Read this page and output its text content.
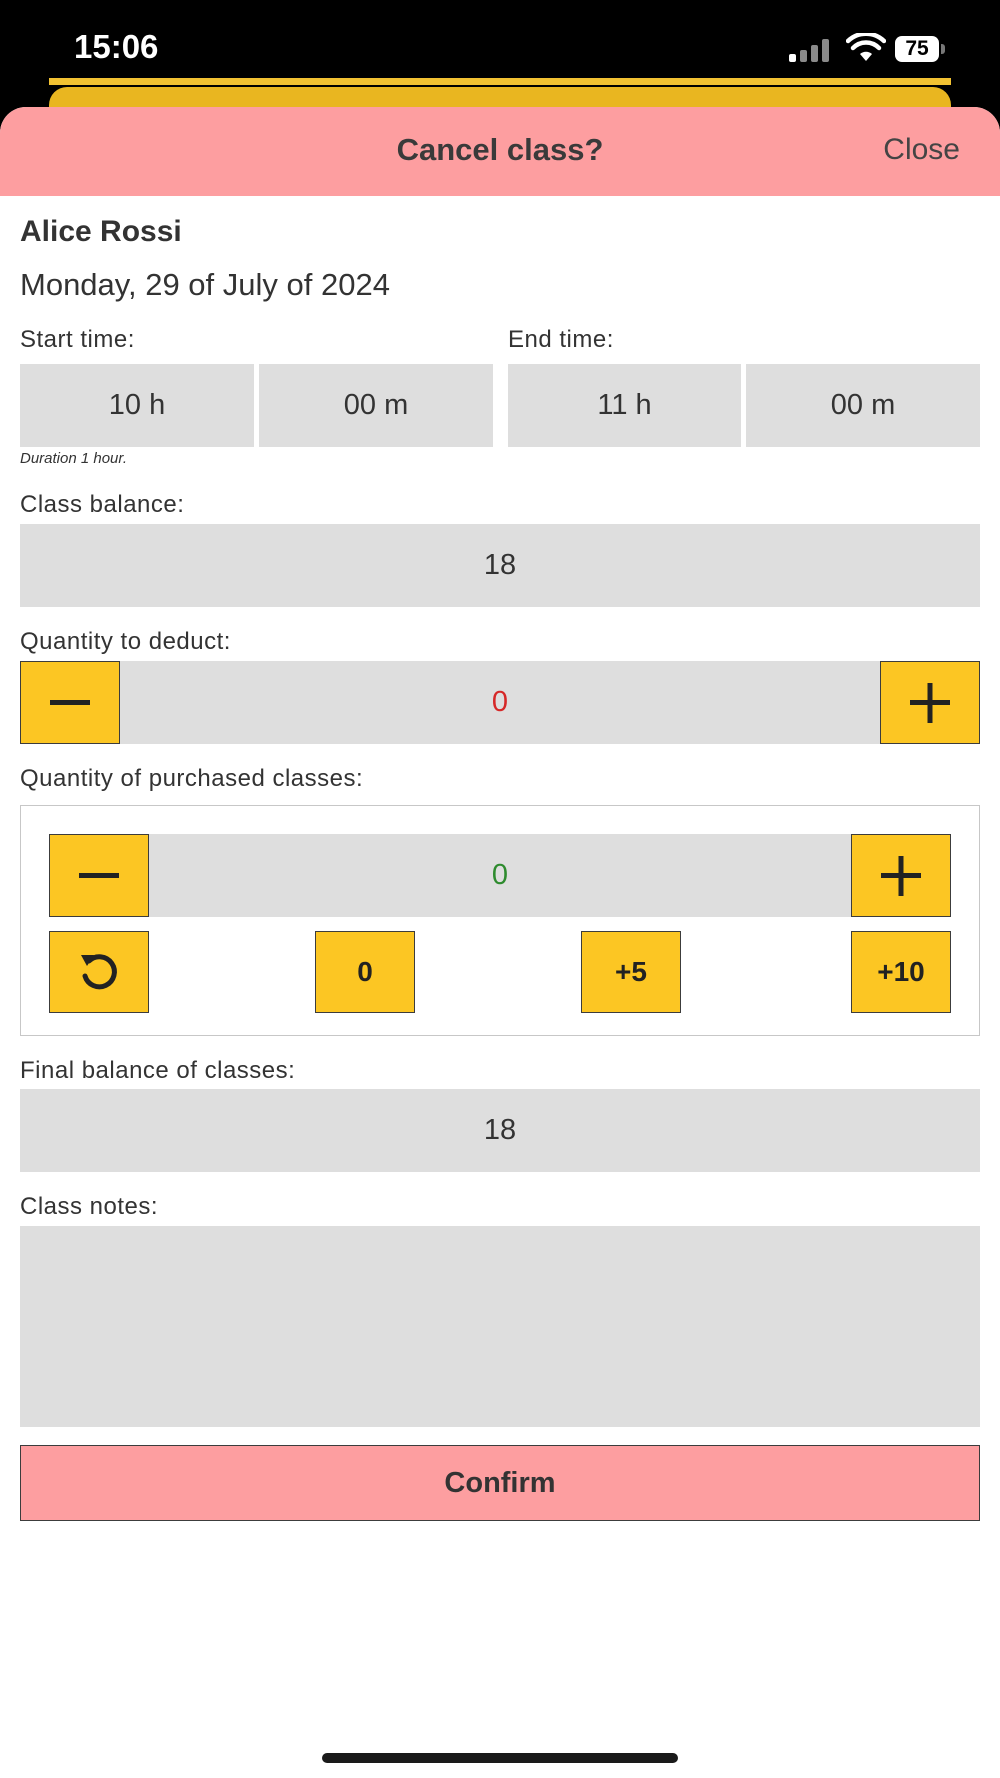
15:06	75
Cancel class?	Close
Alice Rossi
Monday, 29 of July of 2024
Start time:	End time:
10 h	00 m	11 h	00 m
Duration 1 hour.
Class balance:
18
Quantity to deduct:
0
Quantity of purchased classes:
0
0	+5	+10
Final balance of classes:
18
Class notes:
Confirm
